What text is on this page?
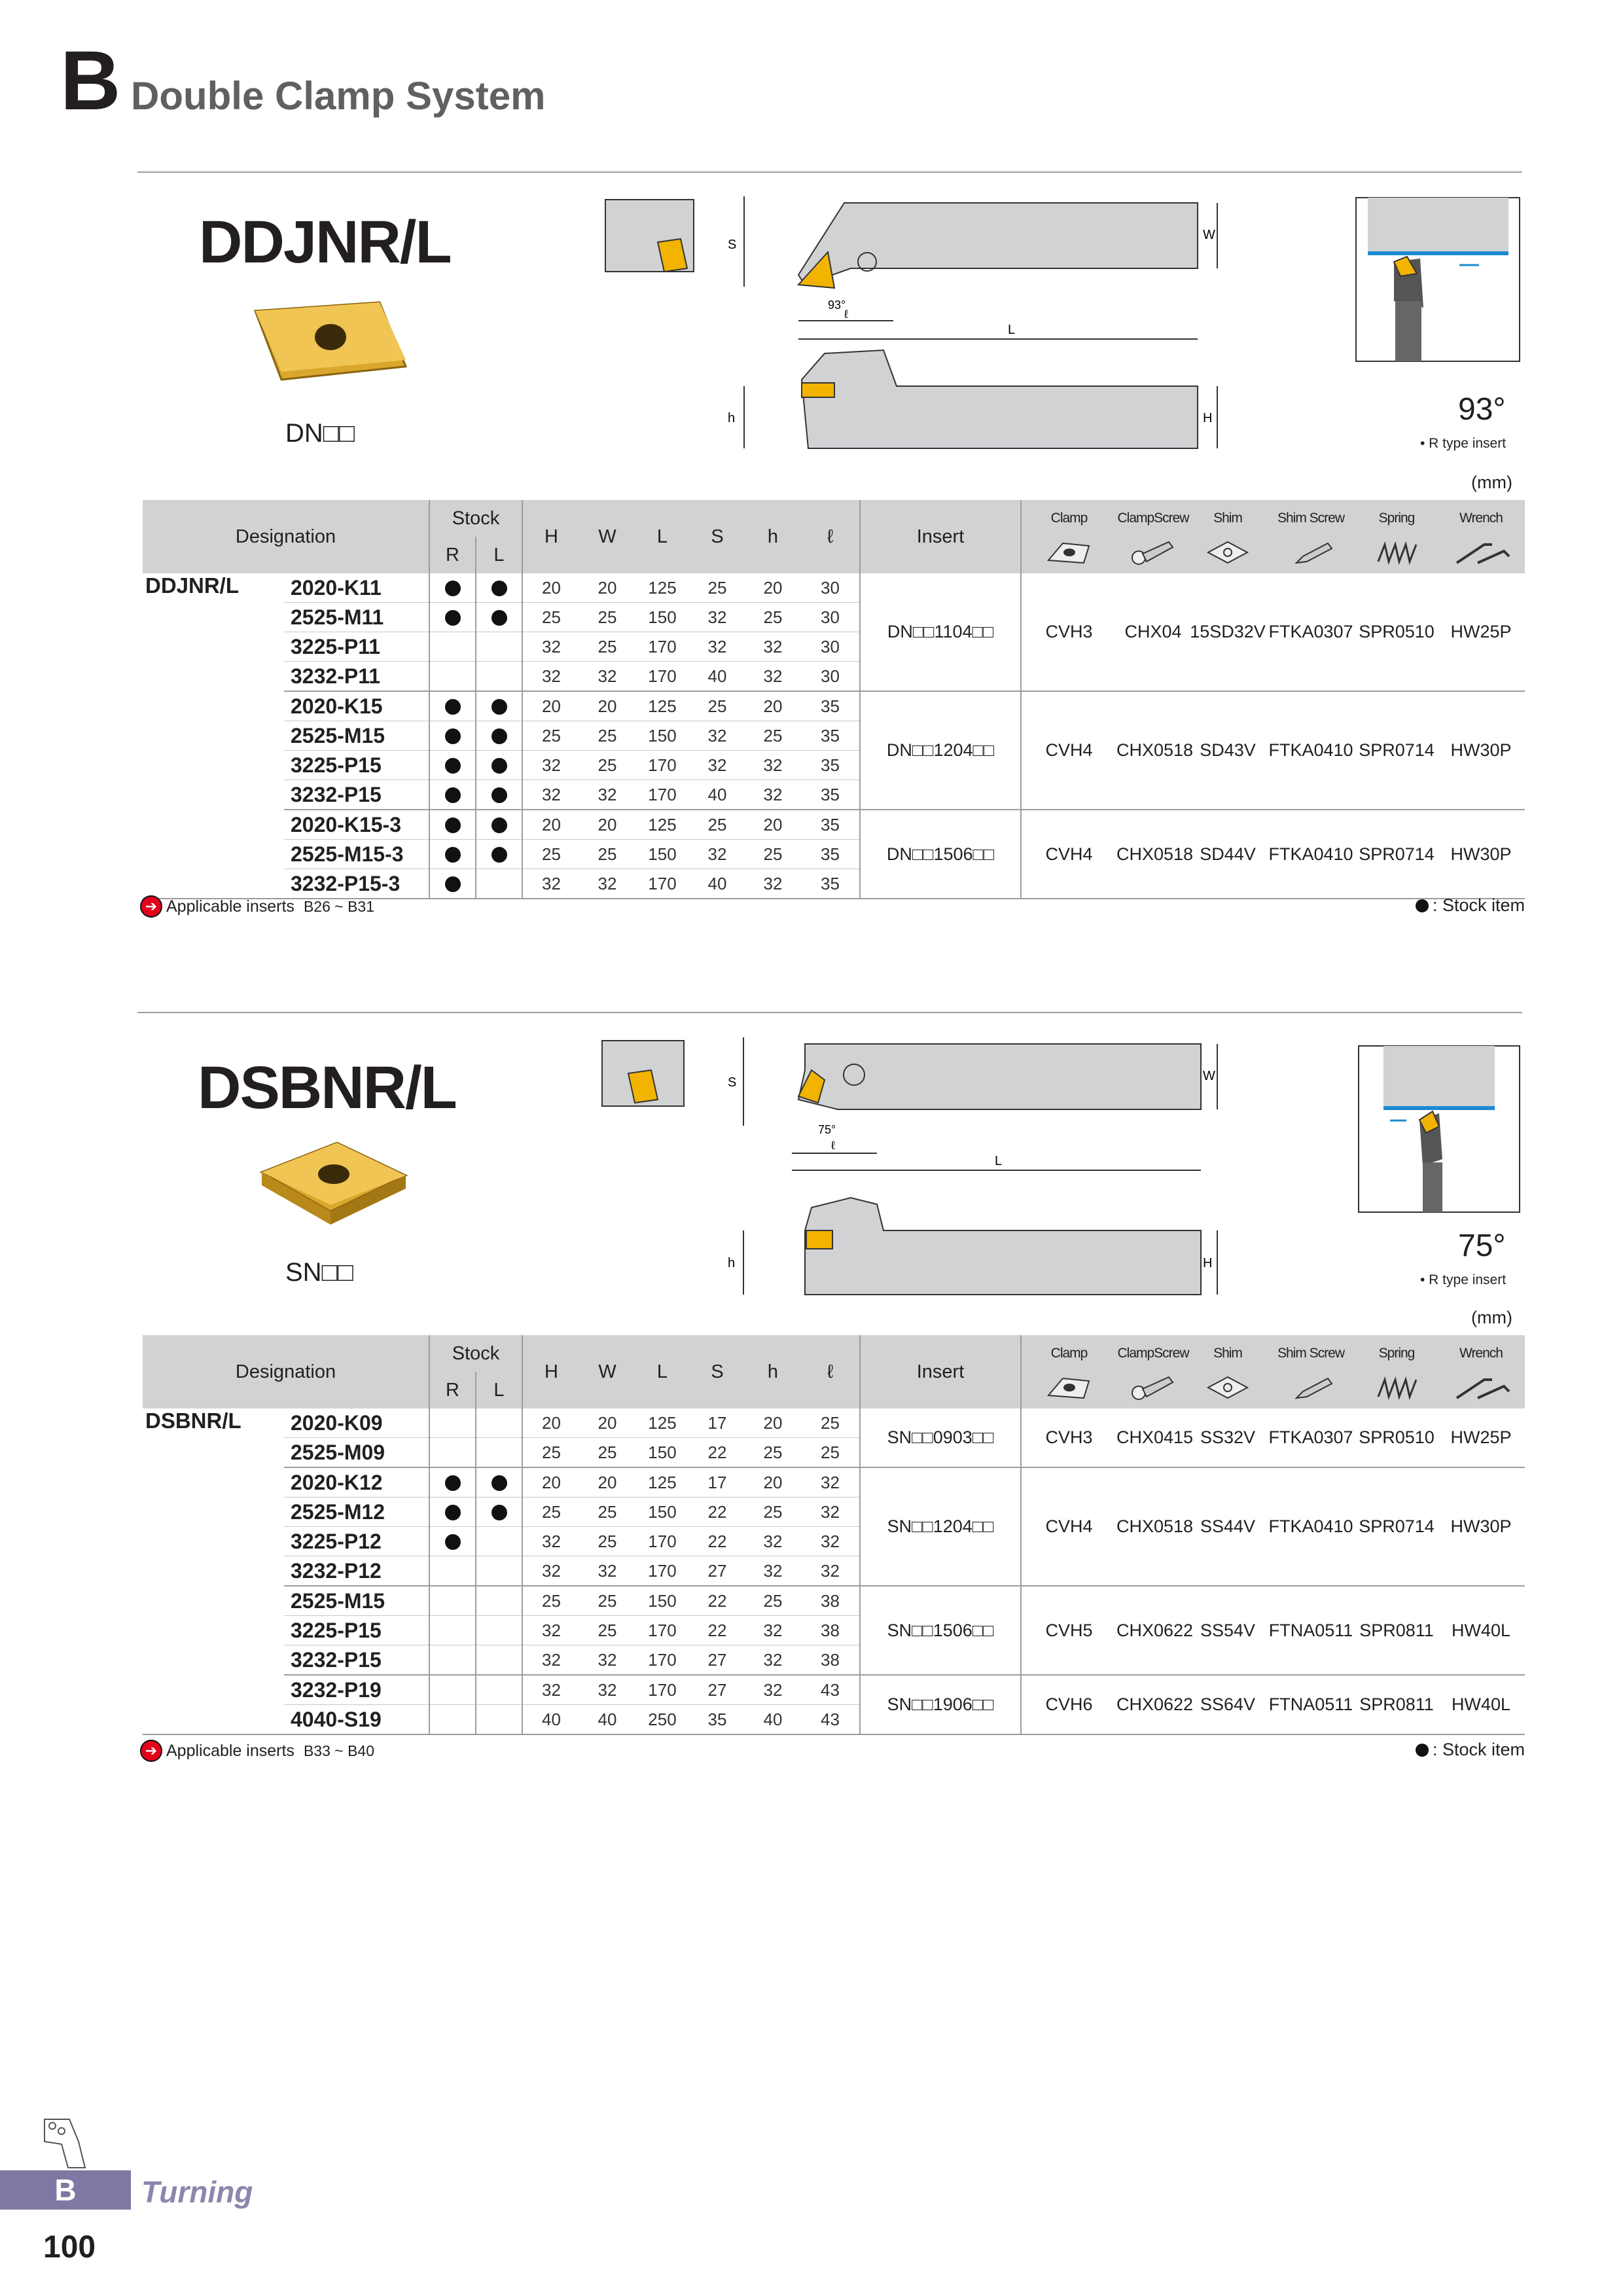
B Double Clamp System
DDJNR/L
DN□□
S
W
93°
ℓ
L
h	H	93°
• R type insert
(mm)
Designation		Stock		H	W	L	S	h	ℓ	Insert	Clamp	ClampScrew	Shim	Shim Screw	Spring	Wrench
		R	L						
DDJNR/L	2020-K11			20	20	125	25	20	30	DN□□1104□□	CVH3	CHX04	15SD32V	FTKA0307	SPR0510	HW25P
	2525-M11			25	25	150	32	25	30							
	3225-P11			32	25	170	32	32	30							
	3232-P11			32	32	170	40	32	30							
	2020-K15			20	20	125	25	20	35	DN□□1204□□	CVH4	CHX0518	SD43V	FTKA0410	SPR0714	HW30P
	2525-M15			25	25	150	32	25	35							
	3225-P15			32	25	170	32	32	35							
	3232-P15			32	32	170	40	32	35							
	2020-K15-3			20	20	125	25	20	35	DN□□1506□□	CVH4	CHX0518	SD44V	FTKA0410	SPR0714	HW30P
	2525-M15-3			25	25	150	32	25	35							
	3232-P15-3			32	32	170	40	32	35							
➔ Applicable inserts B26 ~ B31	: Stock item
DSBNR/L
SN□□
S	W
75°
ℓ
L
h	H	75°
• R type insert
(mm)
Designation		Stock		H	W	L	S	h	ℓ	Insert	Clamp	ClampScrew	Shim	Shim Screw	Spring	Wrench
		R	L						
DSBNR/L	2020-K09			20	20	125	17	20	25	SN□□0903□□	CVH3	CHX0415	SS32V	FTKA0307	SPR0510	HW25P
	2525-M09			25	25	150	22	25	25							
	2020-K12			20	20	125	17	20	32	SN□□1204□□	CVH4	CHX0518	SS44V	FTKA0410	SPR0714	HW30P
	2525-M12			25	25	150	22	25	32							
	3225-P12			32	25	170	22	32	32							
	3232-P12			32	32	170	27	32	32							
	2525-M15			25	25	150	22	25	38	SN□□1506□□	CVH5	CHX0622	SS54V	FTNA0511	SPR0811	HW40L
	3225-P15			32	25	170	22	32	38							
	3232-P15			32	32	170	27	32	38							
	3232-P19			32	32	170	27	32	43	SN□□1906□□	CVH6	CHX0622	SS64V	FTNA0511	SPR0811	HW40L
	4040-S19			40	40	250	35	40	43							
➔ Applicable inserts B33 ~ B40	: Stock item
B	Turning
100
